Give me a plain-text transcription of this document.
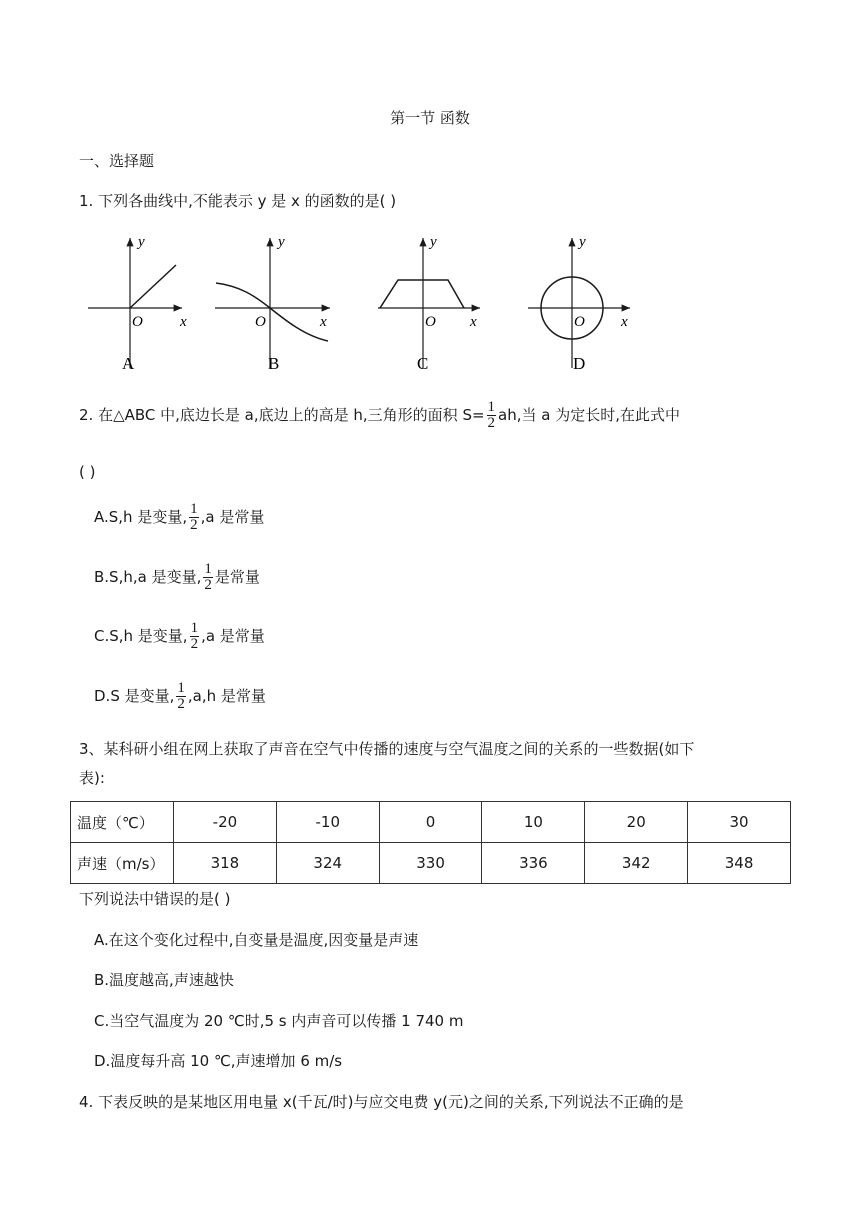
第一节 函数
一、选择题
1. 下列各曲线中,不能表示 y 是 x 的函数的是( )
y
x
O
A
y
x
O
B
y
x
O
C
y
x
O
D
2. 在△ABC 中,底边长是 a,底边上的高是 h,三角形的面积 $S= \frac{1}{2}$ ah,当 a 为定长时,在此式中
( )
A.S,h 是变量, $\frac{1}{2} ,a$ 是常量
B.S,h,a 是变量, $\frac{1}{2}$ 是常量
C.S,h 是变量, $\frac{1}{2} ,a$ 是常量
D.S 是变量, $\frac{1}{2} ,a,h$ 是常量
3、某科研小组在网上获取了声音在空气中传播的速度与空气温度之间的关系的一些数据(如下
表):
温度（℃）	-20	-10	0	10	20	30
声速（m/s）	318	324	330	336	342	348
下列说法中错误的是( )
A.在这个变化过程中,自变量是温度,因变量是声速
B.温度越高,声速越快
C.当空气温度为 20 ℃时,5 s 内声音可以传播 1 740 m
D.温度每升高 10 ℃,声速增加 6 m/s
4. 下表反映的是某地区用电量 x(千瓦/时)与应交电费 y(元)之间的关系,下列说法不正确的是
